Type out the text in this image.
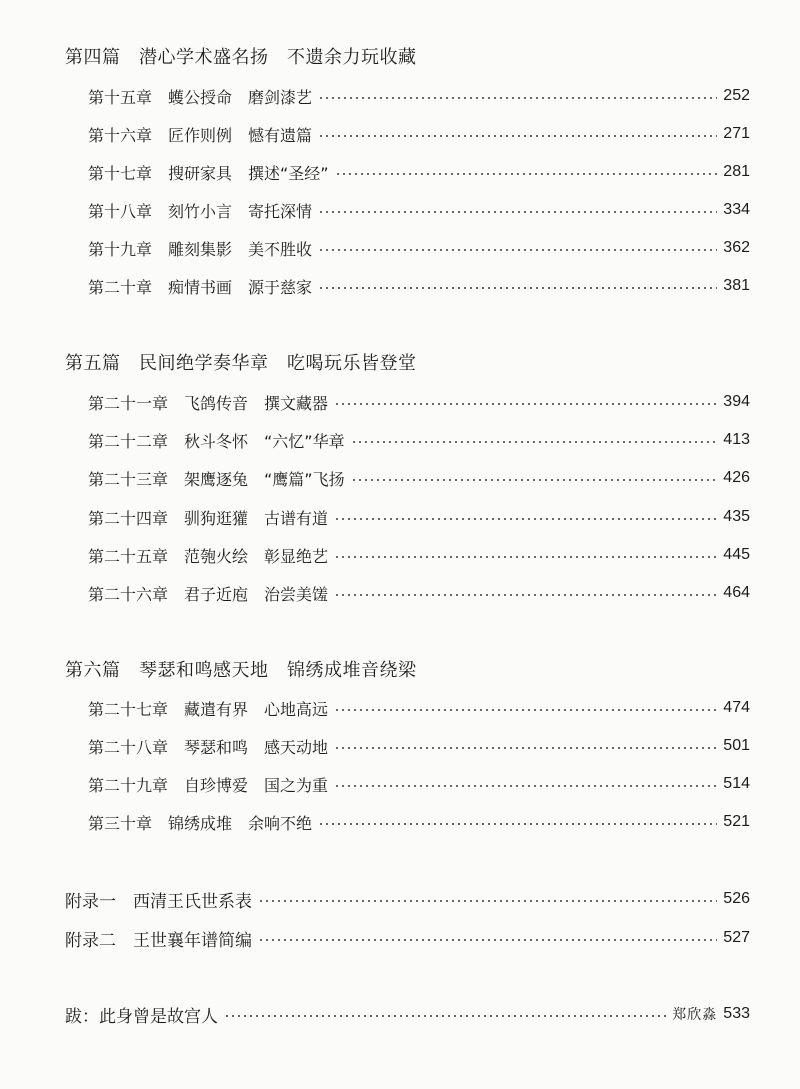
第四篇　潜心学术盛名扬　不遗余力玩收藏
第十五章　蠖公授命　磨剑漆艺	252
第十六章　匠作则例　憾有遗篇	271
第十七章　搜研家具　撰述“圣经”	281
第十八章　刻竹小言　寄托深情	334
第十九章　雕刻集影　美不胜收	362
第二十章　痴情书画　源于慈家	381
第五篇　民间绝学奏华章　吃喝玩乐皆登堂
第二十一章　飞鸽传音　撰文藏器	394
第二十二章　秋斗冬怀　“六忆”华章	413
第二十三章　架鹰逐兔　“鹰篇”飞扬	426
第二十四章　驯狗逛獾　古谱有道	435
第二十五章　范匏火绘　彰显绝艺	445
第二十六章　君子近庖　治尝美馐	464
第六篇　琴瑟和鸣感天地　锦绣成堆音绕梁
第二十七章　藏遣有界　心地高远	474
第二十八章　琴瑟和鸣　感天动地	501
第二十九章　自珍博爱　国之为重	514
第三十章　锦绣成堆　余响不绝	521
附录一　西清王氏世系表	526
附录二　王世襄年谱简编	527
跋：此身曾是故宫人	郑欣淼 533
